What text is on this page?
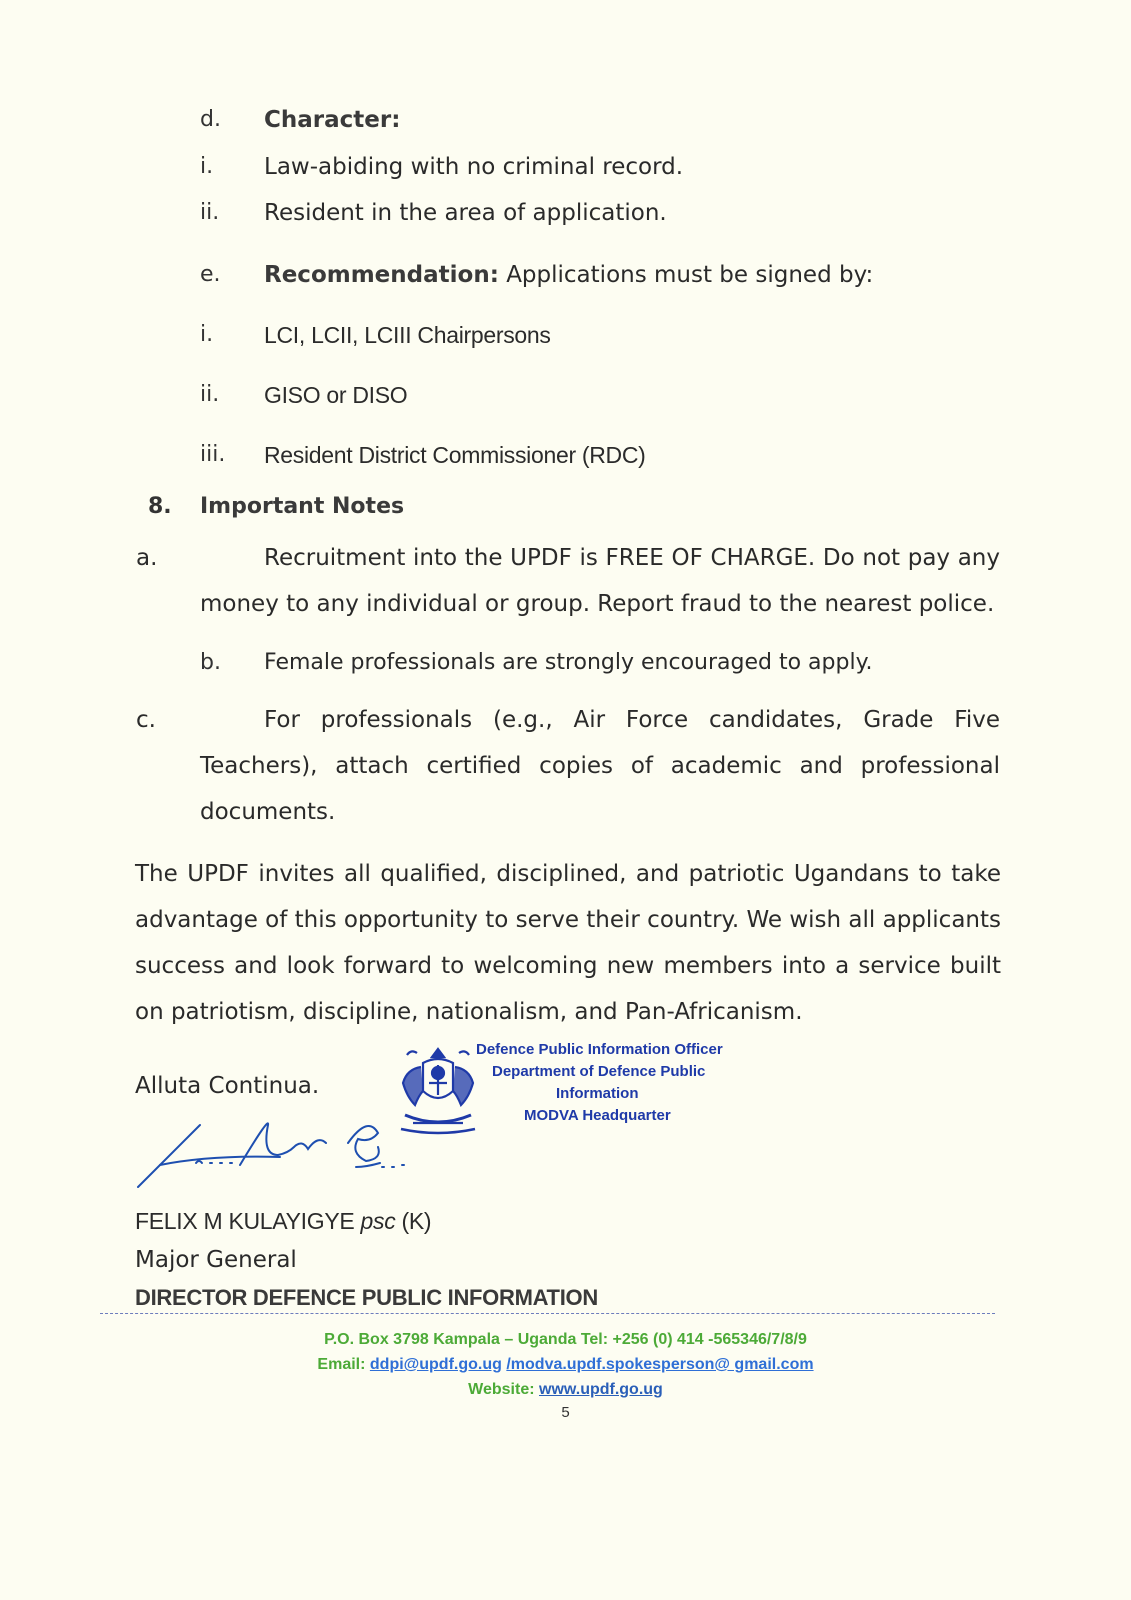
d. Character:
i. Law-abiding with no criminal record.
ii. Resident in the area of application.
e. Recommendation: Applications must be signed by:
i. LCI, LCII, LCIII Chairpersons
ii. GISO or DISO
iii. Resident District Commissioner (RDC)
8. Important Notes
a.	Recruitment into the UPDF is FREE OF CHARGE. Do not pay any money to any individual or group. Report fraud to the nearest police.
b. Female professionals are strongly encouraged to apply.
c.	For professionals (e.g., Air Force candidates, Grade Five Teachers), attach certified copies of academic and professional documents.
The UPDF invites all qualified, disciplined, and patriotic Ugandans to take advantage of this opportunity to serve their country. We wish all applicants success and look forward to welcoming new members into a service built on patriotism, discipline, nationalism, and Pan-Africanism.
Alluta Continua.
Defence Public Information Officer
Department of Defence Public
Information
MODVA Headquarter
FELIX M KULAYIGYE psc (K)
Major General
DIRECTOR DEFENCE PUBLIC INFORMATION
P.O. Box 3798 Kampala – Uganda Tel: +256 (0) 414 -565346/7/8/9
Email: ddpi@updf.go.ug /modva.updf.spokesperson@ gmail.com
Website: www.updf.go.ug
5
